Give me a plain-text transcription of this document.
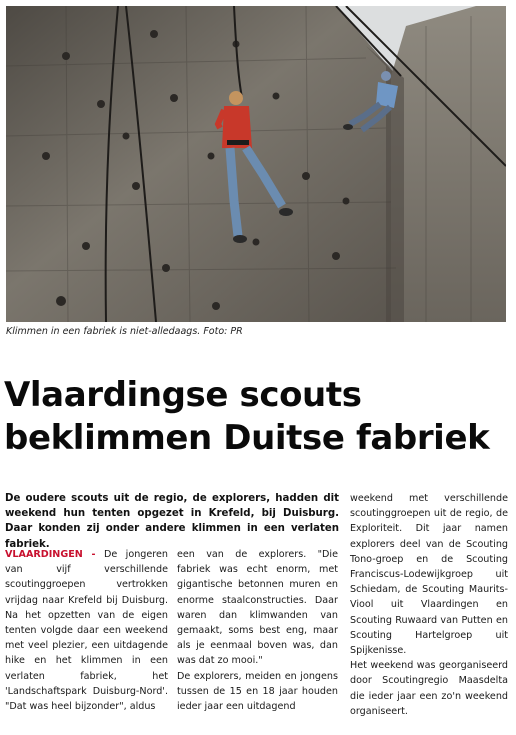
Klimmen in een fabriek is niet-alledaags. Foto: PR
Vlaardingse scouts
beklimmen Duitse fabriek

De oudere scouts uit de regio, de explorers, hadden dit weekend hun tenten opgezet in Krefeld, bij Duisburg. Daar konden zij onder andere klimmen in een verlaten fabriek.

VLAARDINGEN - De jongeren van vijf verschillende scoutinggroepen vertrokken vrijdag naar Krefeld bij Duisburg. Na het opzetten van de eigen tenten volgde daar een weekend met veel plezier, een uitdagende hike en het klimmen in een verlaten fabriek, het 'Landschaftspark Duisburg-Nord'. "Dat was heel bijzonder", aldus

een van de explorers. "Die fabriek was echt enorm, met gigantische betonnen muren en enorme staalconstructies. Daar waren dan klimwanden van gemaakt, soms best eng, maar als je eenmaal boven was, dan was dat zo mooi."

De explorers, meiden en jongens tussen de 15 en 18 jaar houden ieder jaar een uitdagend

weekend met verschillende scoutinggroepen uit de regio, de Exploriteit. Dit jaar namen explorers deel van de Scouting Tono-groep en de Scouting Franciscus-Lodewijkgroep uit Schiedam, de Scouting Maurits-Viool uit Vlaardingen en Scouting Ruwaard van Putten en Scouting Hartelgroep uit Spijkenisse.

Het weekend was georganiseerd door Scoutingregio Maasdelta die ieder jaar een zo'n weekend organiseert.
